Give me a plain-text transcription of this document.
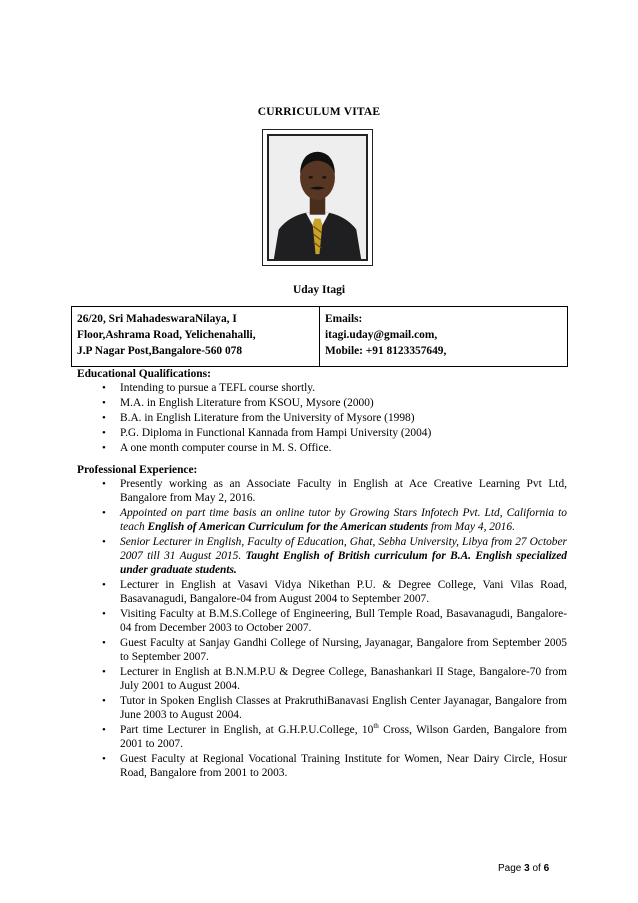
CURRICULUM VITAE
Uday Itagi
26/20, Sri MahadeswaraNilaya, I
Floor,Ashrama Road, Yelichenahalli,
J.P Nagar Post,Bangalore-560 078

Emails:
itagi.uday@gmail.com,
Mobile: +91 8123357649,
Educational Qualifications:
• Intending to pursue a TEFL course shortly.
• M.A. in English Literature from KSOU, Mysore (2000)
• B.A. in English Literature from the University of Mysore (1998)
• P.G. Diploma in Functional Kannada from Hampi University (2004)
• A one month computer course in M. S. Office.
Professional Experience:
• Presently working as an Associate Faculty in English at Ace Creative Learning Pvt Ltd, Bangalore from May 2, 2016.
• Appointed on part time basis an online tutor by Growing Stars Infotech Pvt. Ltd, California to teach English of American Curriculum for the American students from May 4, 2016.
• Senior Lecturer in English, Faculty of Education, Ghat, Sebha University, Libya from 27 October 2007 till 31 August 2015. Taught English of British curriculum for B.A. English specialized under graduate students.
• Lecturer in English at Vasavi Vidya Nikethan P.U. & Degree College, Vani Vilas Road, Basavanagudi, Bangalore-04 from August 2004 to September 2007.
• Visiting Faculty at B.M.S.College of Engineering, Bull Temple Road, Basavanagudi, Bangalore-04 from December 2003 to October 2007.
• Guest Faculty at Sanjay Gandhi College of Nursing, Jayanagar, Bangalore from September 2005 to September 2007.
• Lecturer in English at B.N.M.P.U & Degree College, Banashankari II Stage, Bangalore-70 from July 2001 to August 2004.
• Tutor in Spoken English Classes at PrakruthiBanavasi English Center Jayanagar, Bangalore from June 2003 to August 2004.
• Part time Lecturer in English, at G.H.P.U.College, 10th Cross, Wilson Garden, Bangalore from 2001 to 2007.
• Guest Faculty at Regional Vocational Training Institute for Women, Near Dairy Circle, Hosur Road, Bangalore from 2001 to 2003.
Page 3 of 6
